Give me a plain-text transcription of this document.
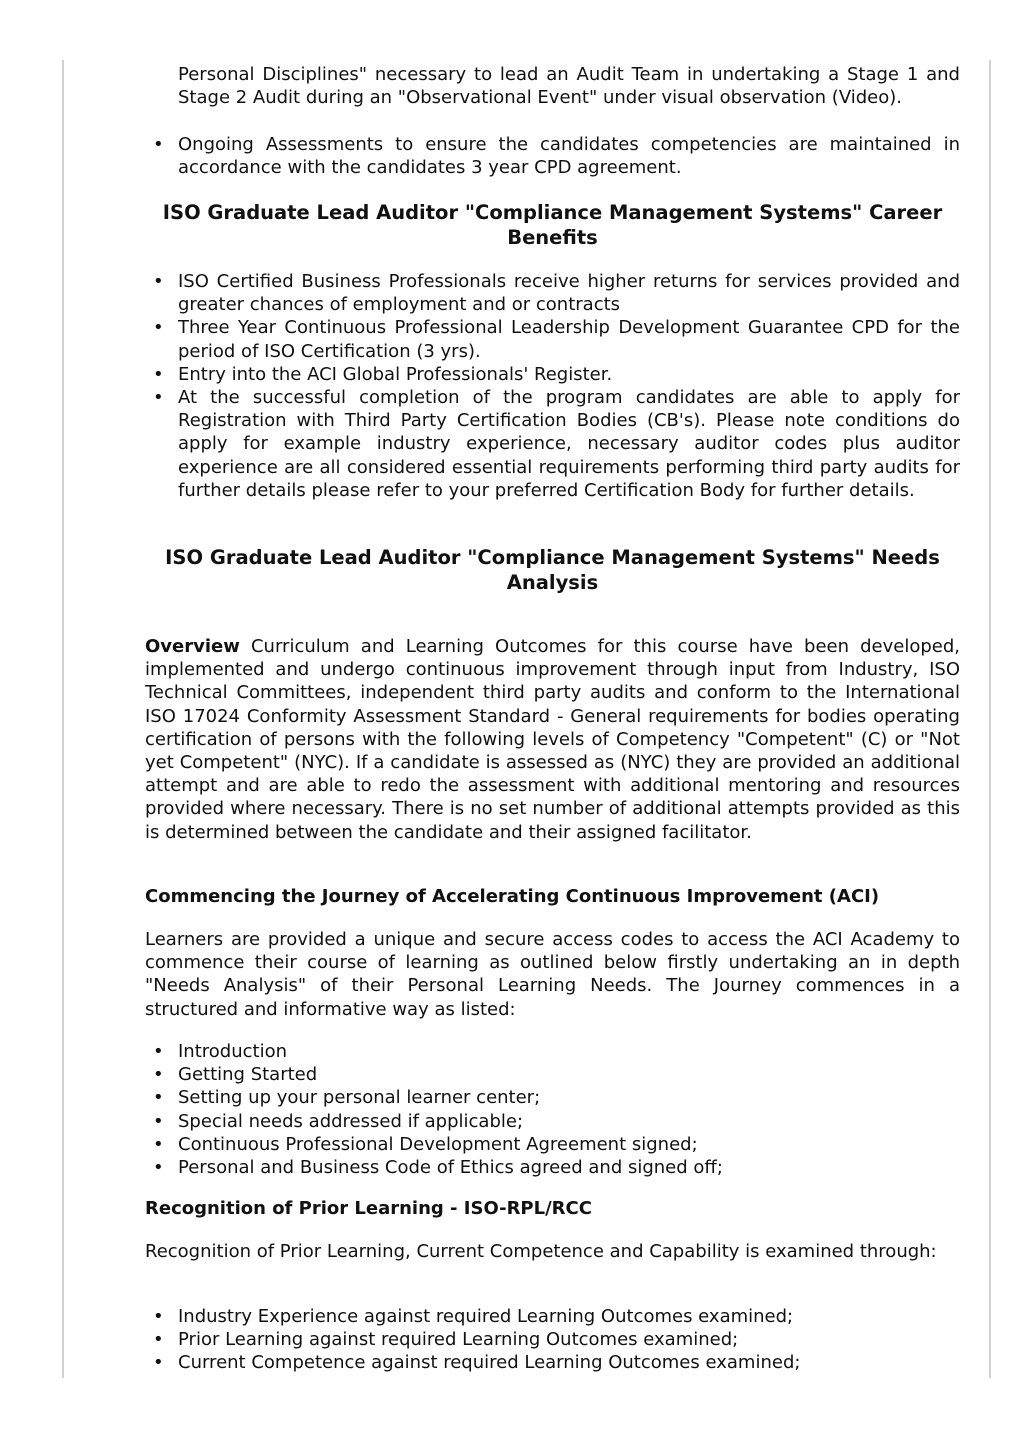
Personal Disciplines" necessary to lead an Audit Team in undertaking a Stage 1 and Stage 2 Audit during an "Observational Event" under visual observation (Video).

• Ongoing Assessments to ensure the candidates competencies are maintained in accordance with the candidates 3 year CPD agreement.
ISO Graduate Lead Auditor "Compliance Management Systems" Career Benefits
• ISO Certified Business Professionals receive higher returns for services provided and greater chances of employment and or contracts
• Three Year Continuous Professional Leadership Development Guarantee CPD for the period of ISO Certification (3 yrs).
• Entry into the ACI Global Professionals' Register.
• At the successful completion of the program candidates are able to apply for Registration with Third Party Certification Bodies (CB's). Please note conditions do apply for example industry experience, necessary auditor codes plus auditor experience are all considered essential requirements performing third party audits for further details please refer to your preferred Certification Body for further details.
ISO Graduate Lead Auditor "Compliance Management Systems" Needs Analysis

Overview Curriculum and Learning Outcomes for this course have been developed, implemented and undergo continuous improvement through input from Industry, ISO Technical Committees, independent third party audits and conform to the International ISO 17024 Conformity Assessment Standard - General requirements for bodies operating certification of persons with the following levels of Competency "Competent" (C) or "Not yet Competent" (NYC). If a candidate is assessed as (NYC) they are provided an additional attempt and are able to redo the assessment with additional mentoring and resources provided where necessary. There is no set number of additional attempts provided as this is determined between the candidate and their assigned facilitator.

Commencing the Journey of Accelerating Continuous Improvement (ACI)

Learners are provided a unique and secure access codes to access the ACI Academy to commence their course of learning as outlined below firstly undertaking an in depth "Needs Analysis" of their Personal Learning Needs. The Journey commences in a structured and informative way as listed:

• Introduction
• Getting Started
• Setting up your personal learner center;
• Special needs addressed if applicable;
• Continuous Professional Development Agreement signed;
• Personal and Business Code of Ethics agreed and signed off;
Recognition of Prior Learning - ISO-RPL/RCC

Recognition of Prior Learning, Current Competence and Capability is examined through:

• Industry Experience against required Learning Outcomes examined;
• Prior Learning against required Learning Outcomes examined;
• Current Competence against required Learning Outcomes examined;
